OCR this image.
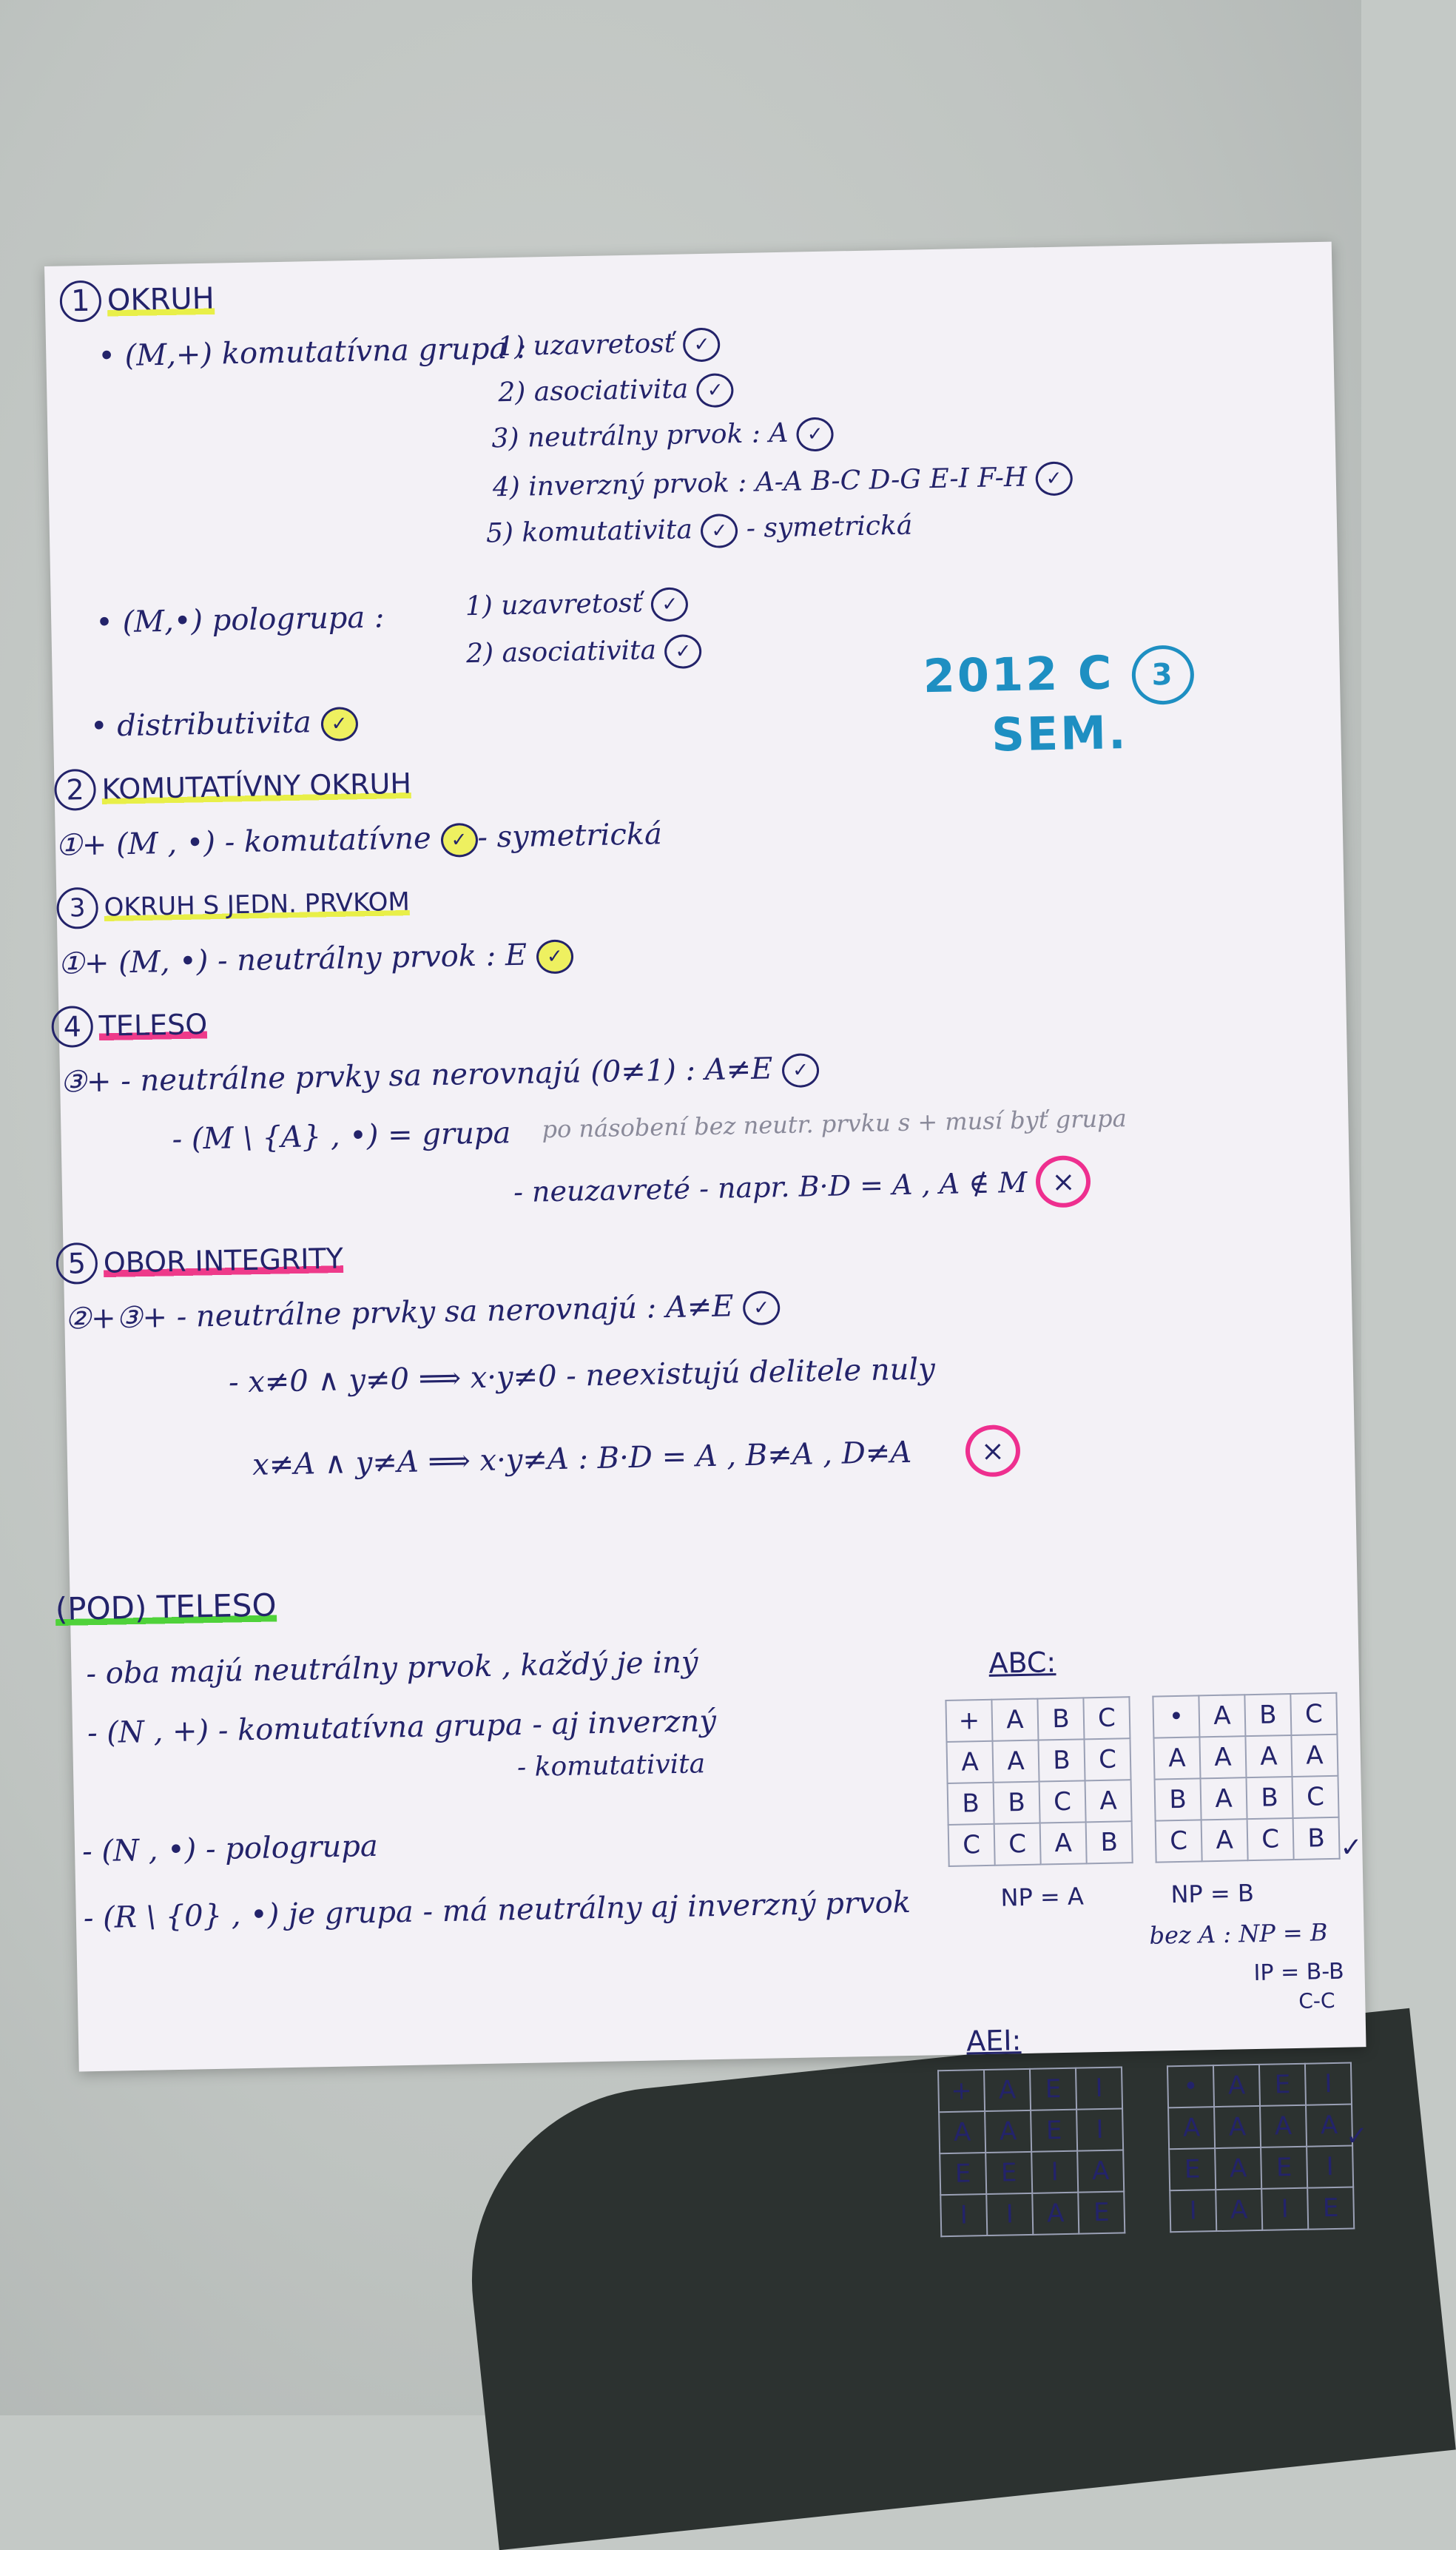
1 OKRUH
• (M,+) komutatívna grupa :
1) uzavretosť ✓
2) asociativita ✓
3) neutrálny prvok : A ✓
4) inverzný prvok : A-A B-C D-G E-I F-H ✓
5) komutativita ✓ - symetrická
• (M,•) pologrupa :	1) uzavretosť ✓
2) asociativita ✓
• distributivita ✓
2012 C 3
SEM.
2 KOMUTATÍVNY OKRUH
①+ (M , •) - komutatívne ✓ - symetrická
3 OKRUH S JEDN. PRVKOM
①+ (M, •) - neutrálny prvok : E ✓
4 TELESO
③+ - neutrálne prvky sa nerovnajú (0≠1) : A≠E ✓
- (M \ {A} , •) = grupa po násobení bez neutr. prvku s + musí byť grupa
- neuzavreté - napr. B·D = A , A ∉ M ×
5 OBOR INTEGRITY
②+③+ - neutrálne prvky sa nerovnajú : A≠E ✓
- x≠0 ∧ y≠0 ⟹ x·y≠0 - neexistujú delitele nuly
x≠A ∧ y≠A ⟹ x·y≠A : B·D = A , B≠A , D≠A ×
(POD) TELESO
- oba majú neutrálny prvok , každý je iný
- (N , +) - komutatívna grupa - aj inverzný
- komutativita
- (N , •) - pologrupa
- (R \ {0} , •) je grupa - má neutrálny aj inverzný prvok
ABC:
+	A	B	C
A	A	B	C
B	B	C	A
C	C	A	B
•	A	B	C
A	A	A	A
B	A	B	C
C	A	C	B
NP = A	NP = B
bez A : NP = B
IP = B-B
C-C
✓
AEI:
+	A	E	I
A	A	E	I
E	E	I	A
I	I	A	E
•	A	E	I
A	A	A	A
E	A	E	I
I	A	I	E
✓
